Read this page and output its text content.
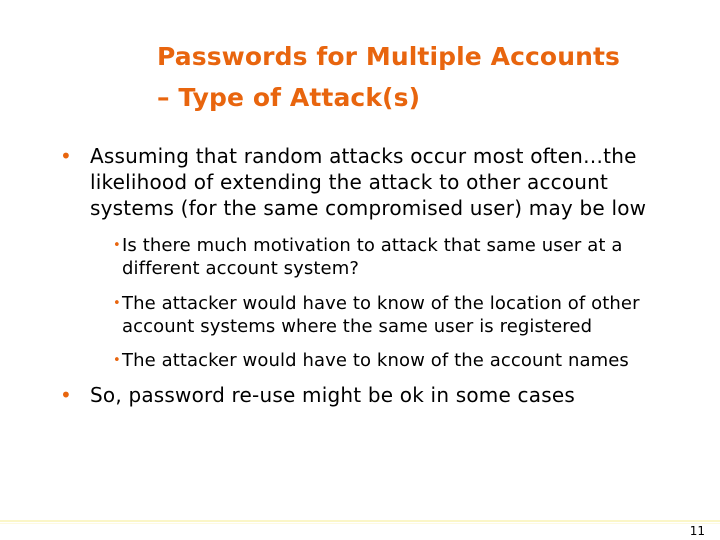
Passwords for Multiple Accounts
– Type of Attack(s)
• Assuming that random attacks occur most often…the
likelihood of extending the attack to other account
systems (for the same compromised user) may be low
• Is there much motivation to attack that same user at a
different account system?
• The attacker would have to know of the location of other
account systems where the same user is registered
• The attacker would have to know of the account names
• So, password re-use might be ok in some cases
11
